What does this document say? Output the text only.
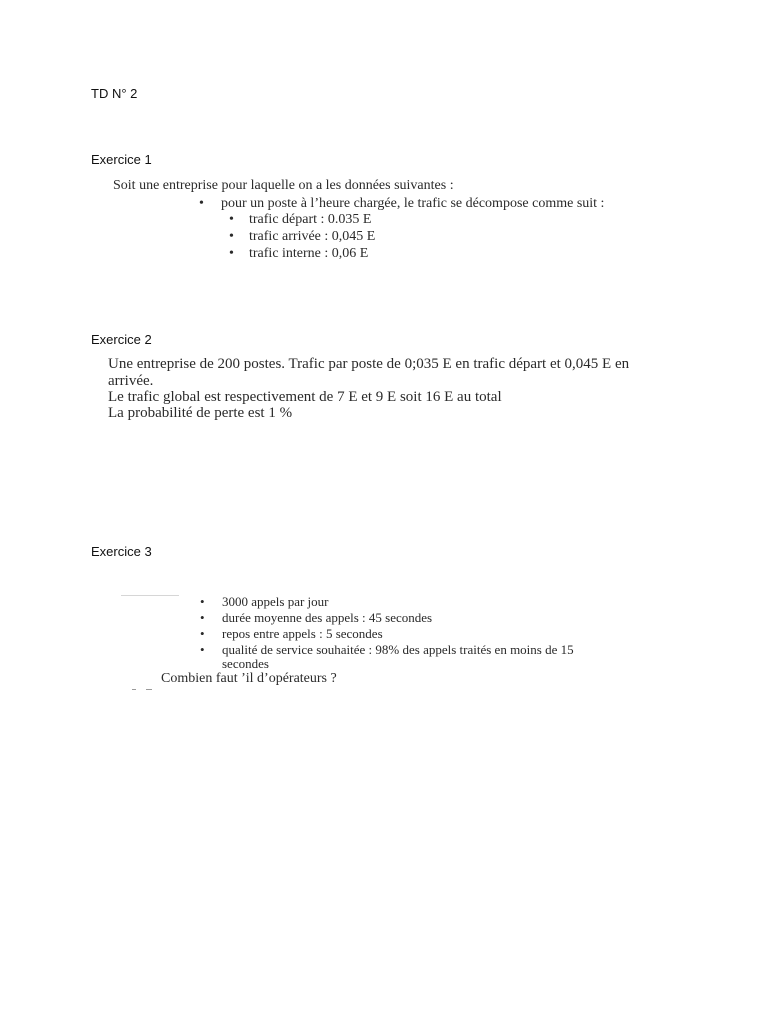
TD N° 2
Exercice 1
Soit une entreprise pour laquelle on a les données suivantes :
• pour un poste à l’heure chargée, le trafic se décompose comme suit :
• trafic départ : 0.035 E
• trafic arrivée : 0,045 E
• trafic interne : 0,06 E
Exercice 2
Une entreprise de 200 postes. Trafic par poste de 0;035 E en trafic départ et 0,045 E en
arrivée.
Le trafic global est respectivement de 7 E et 9 E soit 16 E au total
La probabilité de perte est 1 %
Exercice 3
• 3000 appels par jour
• durée moyenne des appels : 45 secondes
• repos entre appels : 5 secondes
• qualité de service souhaitée : 98% des appels traités en moins de 15
secondes
Combien faut ’il d’opérateurs ?
